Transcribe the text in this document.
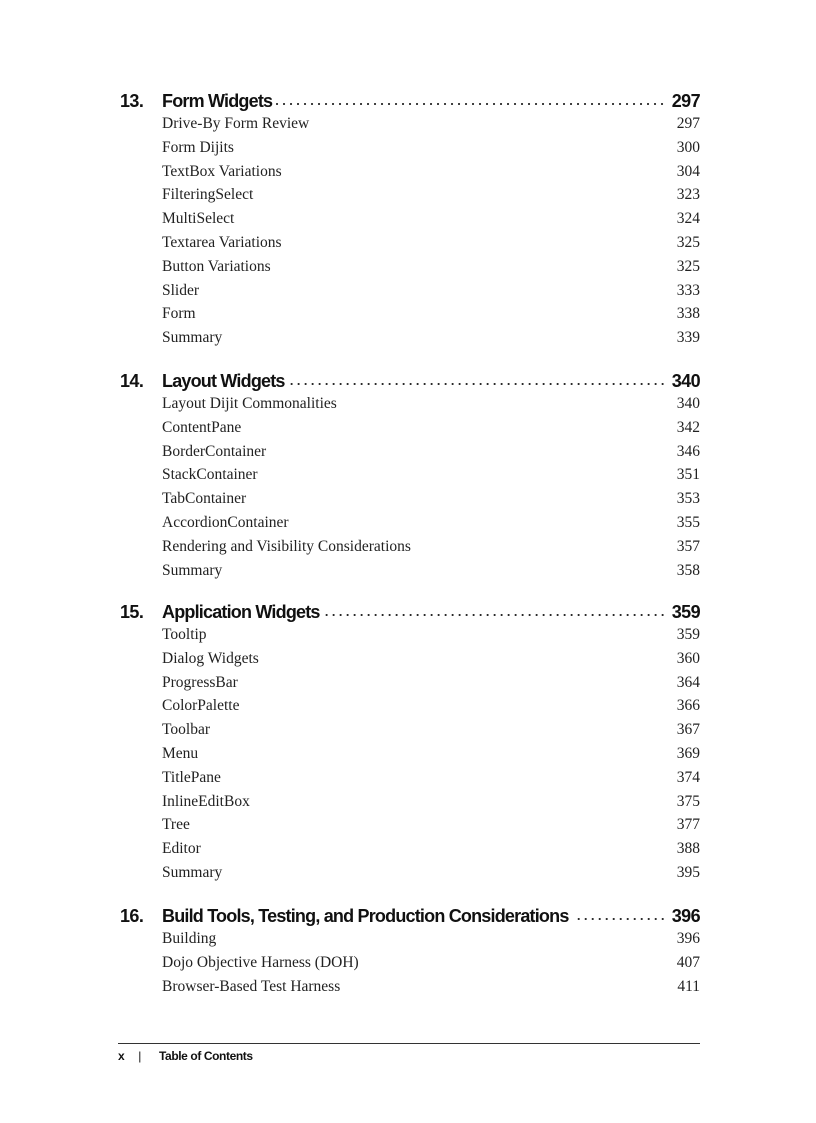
13.	Form Widgets	297
Drive-By Form Review	297
Form Dijits	300
TextBox Variations	304
FilteringSelect	323
MultiSelect	324
Textarea Variations	325
Button Variations	325
Slider	333
Form	338
Summary	339
14.	Layout Widgets	340
Layout Dijit Commonalities	340
ContentPane	342
BorderContainer	346
StackContainer	351
TabContainer	353
AccordionContainer	355
Rendering and Visibility Considerations	357
Summary	358
15.	Application Widgets	359
Tooltip	359
Dialog Widgets	360
ProgressBar	364
ColorPalette	366
Toolbar	367
Menu	369
TitlePane	374
InlineEditBox	375
Tree	377
Editor	388
Summary	395
16.	Build Tools, Testing, and Production Considerations	396
Building	396
Dojo Objective Harness (DOH)	407
Browser-Based Test Harness	411
x | Table of Contents
